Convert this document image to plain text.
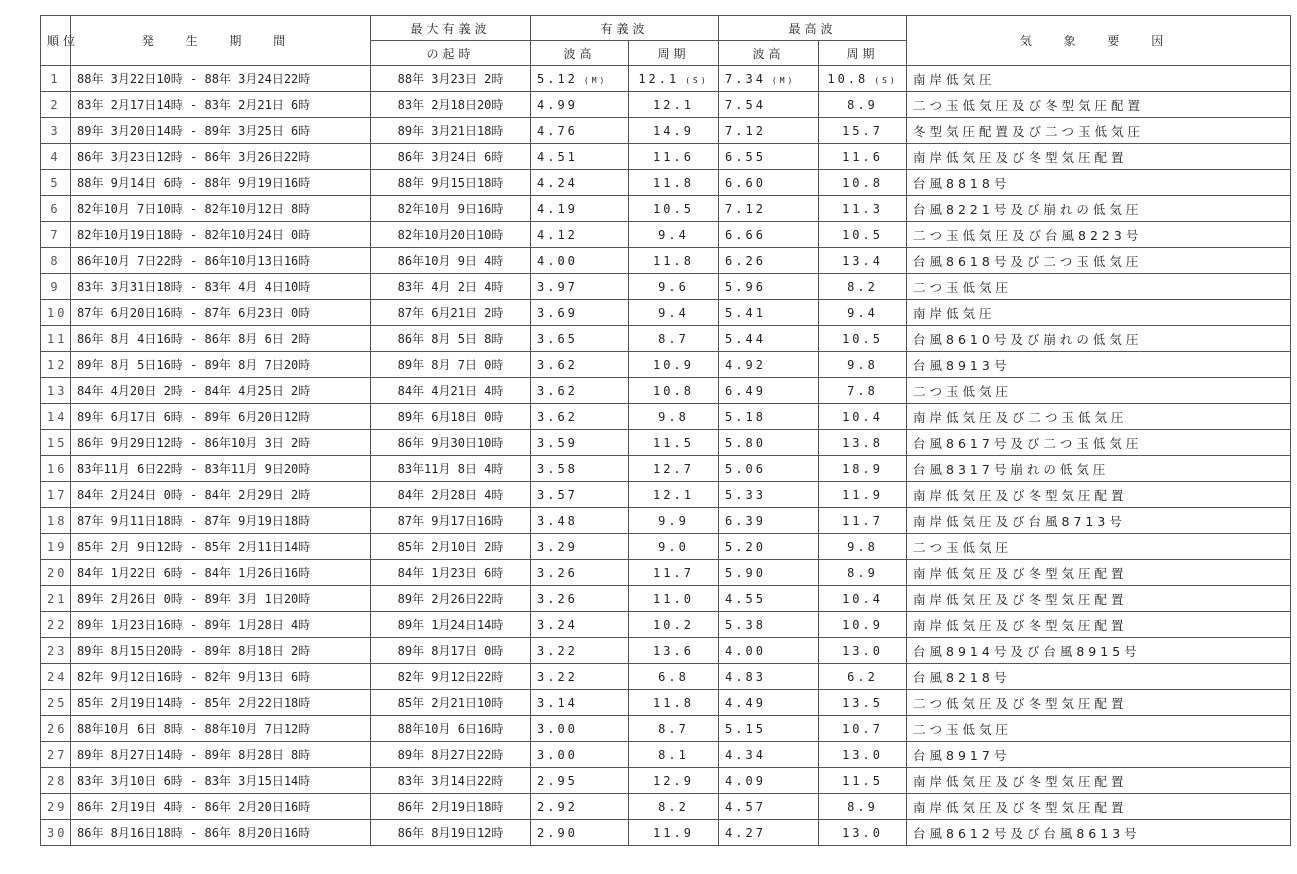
順位	発 生 期 間	最大有義波	有義波		最高波		気 象 要 因
		の起時	波高	周期	波高	周期	
1	88年 3月22日10時 - 88年 3月24日22時	88年 3月23日 2時	5.12 (M)	12.1 (S)	7.34 (M)	10.8 (S)	南岸低気圧
2	83年 2月17日14時 - 83年 2月21日 6時	83年 2月18日20時	4.99	12.1	7.54	8.9	二つ玉低気圧及び冬型気圧配置
3	89年 3月20日14時 - 89年 3月25日 6時	89年 3月21日18時	4.76	14.9	7.12	15.7	冬型気圧配置及び二つ玉低気圧
4	86年 3月23日12時 - 86年 3月26日22時	86年 3月24日 6時	4.51	11.6	6.55	11.6	南岸低気圧及び冬型気圧配置
5	88年 9月14日 6時 - 88年 9月19日16時	88年 9月15日18時	4.24	11.8	6.60	10.8	台風8818号
6	82年10月 7日10時 - 82年10月12日 8時	82年10月 9日16時	4.19	10.5	7.12	11.3	台風8221号及び崩れの低気圧
7	82年10月19日18時 - 82年10月24日 0時	82年10月20日10時	4.12	9.4	6.66	10.5	二つ玉低気圧及び台風8223号
8	86年10月 7日22時 - 86年10月13日16時	86年10月 9日 4時	4.00	11.8	6.26	13.4	台風8618号及び二つ玉低気圧
9	83年 3月31日18時 - 83年 4月 4日10時	83年 4月 2日 4時	3.97	9.6	5.96	8.2	二つ玉低気圧
10	87年 6月20日16時 - 87年 6月23日 0時	87年 6月21日 2時	3.69	9.4	5.41	9.4	南岸低気圧
11	86年 8月 4日16時 - 86年 8月 6日 2時	86年 8月 5日 8時	3.65	8.7	5.44	10.5	台風8610号及び崩れの低気圧
12	89年 8月 5日16時 - 89年 8月 7日20時	89年 8月 7日 0時	3.62	10.9	4.92	9.8	台風8913号
13	84年 4月20日 2時 - 84年 4月25日 2時	84年 4月21日 4時	3.62	10.8	6.49	7.8	二つ玉低気圧
14	89年 6月17日 6時 - 89年 6月20日12時	89年 6月18日 0時	3.62	9.8	5.18	10.4	南岸低気圧及び二つ玉低気圧
15	86年 9月29日12時 - 86年10月 3日 2時	86年 9月30日10時	3.59	11.5	5.80	13.8	台風8617号及び二つ玉低気圧
16	83年11月 6日22時 - 83年11月 9日20時	83年11月 8日 4時	3.58	12.7	5.06	18.9	台風8317号崩れの低気圧
17	84年 2月24日 0時 - 84年 2月29日 2時	84年 2月28日 4時	3.57	12.1	5.33	11.9	南岸低気圧及び冬型気圧配置
18	87年 9月11日18時 - 87年 9月19日18時	87年 9月17日16時	3.48	9.9	6.39	11.7	南岸低気圧及び台風8713号
19	85年 2月 9日12時 - 85年 2月11日14時	85年 2月10日 2時	3.29	9.0	5.20	9.8	二つ玉低気圧
20	84年 1月22日 6時 - 84年 1月26日16時	84年 1月23日 6時	3.26	11.7	5.90	8.9	南岸低気圧及び冬型気圧配置
21	89年 2月26日 0時 - 89年 3月 1日20時	89年 2月26日22時	3.26	11.0	4.55	10.4	南岸低気圧及び冬型気圧配置
22	89年 1月23日16時 - 89年 1月28日 4時	89年 1月24日14時	3.24	10.2	5.38	10.9	南岸低気圧及び冬型気圧配置
23	89年 8月15日20時 - 89年 8月18日 2時	89年 8月17日 0時	3.22	13.6	4.00	13.0	台風8914号及び台風8915号
24	82年 9月12日16時 - 82年 9月13日 6時	82年 9月12日22時	3.22	6.8	4.83	6.2	台風8218号
25	85年 2月19日14時 - 85年 2月22日18時	85年 2月21日10時	3.14	11.8	4.49	13.5	二つ低気圧及び冬型気圧配置
26	88年10月 6日 8時 - 88年10月 7日12時	88年10月 6日16時	3.00	8.7	5.15	10.7	二つ玉低気圧
27	89年 8月27日14時 - 89年 8月28日 8時	89年 8月27日22時	3.00	8.1	4.34	13.0	台風8917号
28	83年 3月10日 6時 - 83年 3月15日14時	83年 3月14日22時	2.95	12.9	4.09	11.5	南岸低気圧及び冬型気圧配置
29	86年 2月19日 4時 - 86年 2月20日16時	86年 2月19日18時	2.92	8.2	4.57	8.9	南岸低気圧及び冬型気圧配置
30	86年 8月16日18時 - 86年 8月20日16時	86年 8月19日12時	2.90	11.9	4.27	13.0	台風8612号及び台風8613号
